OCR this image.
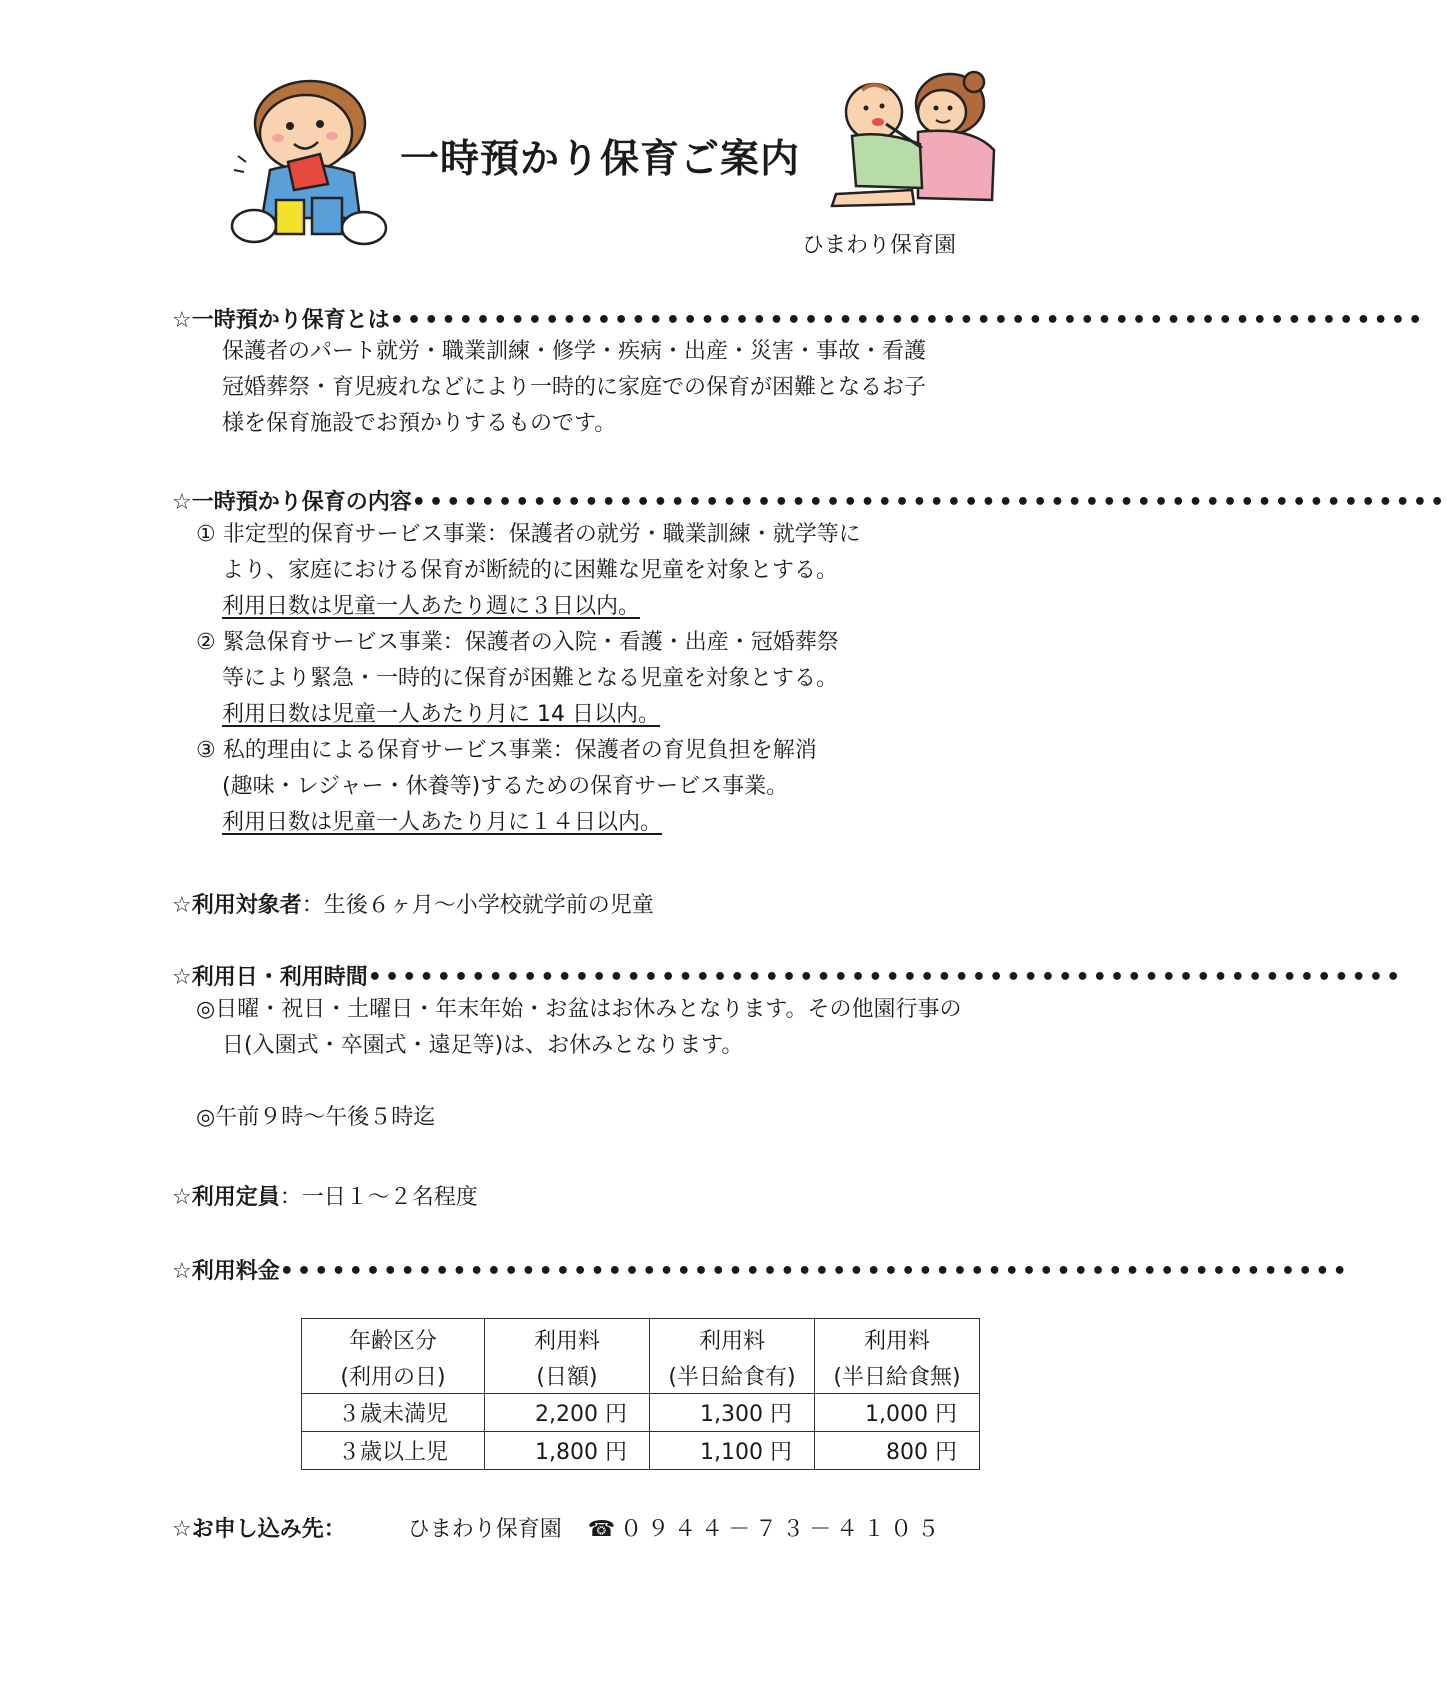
一時預かり保育ご案内
ひまわり保育園
☆一時預かり保育とは••••••••••••••••••••••••••••••••••••••••••••••••••••••••••••
保護者のパート就労・職業訓練・修学・疾病・出産・災害・事故・看護
冠婚葬祭・育児疲れなどにより一時的に家庭での保育が困難となるお子
様を保育施設でお預かりするものです。
☆一時預かり保育の内容••••••••••••••••••••••••••••••••••••••••••••••••••••••••••••
① 非定型的保育サービス事業：保護者の就労・職業訓練・就学等に
より、家庭における保育が断続的に困難な児童を対象とする。
利用日数は児童一人あたり週に３日以内。
② 緊急保育サービス事業：保護者の入院・看護・出産・冠婚葬祭
等により緊急・一時的に保育が困難となる児童を対象とする。
利用日数は児童一人あたり月に 14 日以内。
③ 私的理由による保育サービス事業：保護者の育児負担を解消
(趣味・レジャー・休養等)するための保育サービス事業。
利用日数は児童一人あたり月に１４日以内。
☆利用対象者：生後６ヶ月～小学校就学前の児童
☆利用日・利用時間••••••••••••••••••••••••••••••••••••••••••••••••••••••••••••
◎日曜・祝日・土曜日・年末年始・お盆はお休みとなります。その他園行事の
日(入園式・卒園式・遠足等)は、お休みとなります。
◎午前９時～午後５時迄
☆利用定員：一日１～２名程度
☆利用料金••••••••••••••••••••••••••••••••••••••••••••••••••••••••••••••
年齢区分	利用料	利用料	利用料
(利用の日)	(日額)	(半日給食有)	(半日給食無)
３歳未満児	2,200 円	1,300 円	1,000 円
３歳以上児	1,800 円	1,100 円	800 円
☆お申し込み先：	ひまわり保育園 ☎０９４４－７３－４１０５
